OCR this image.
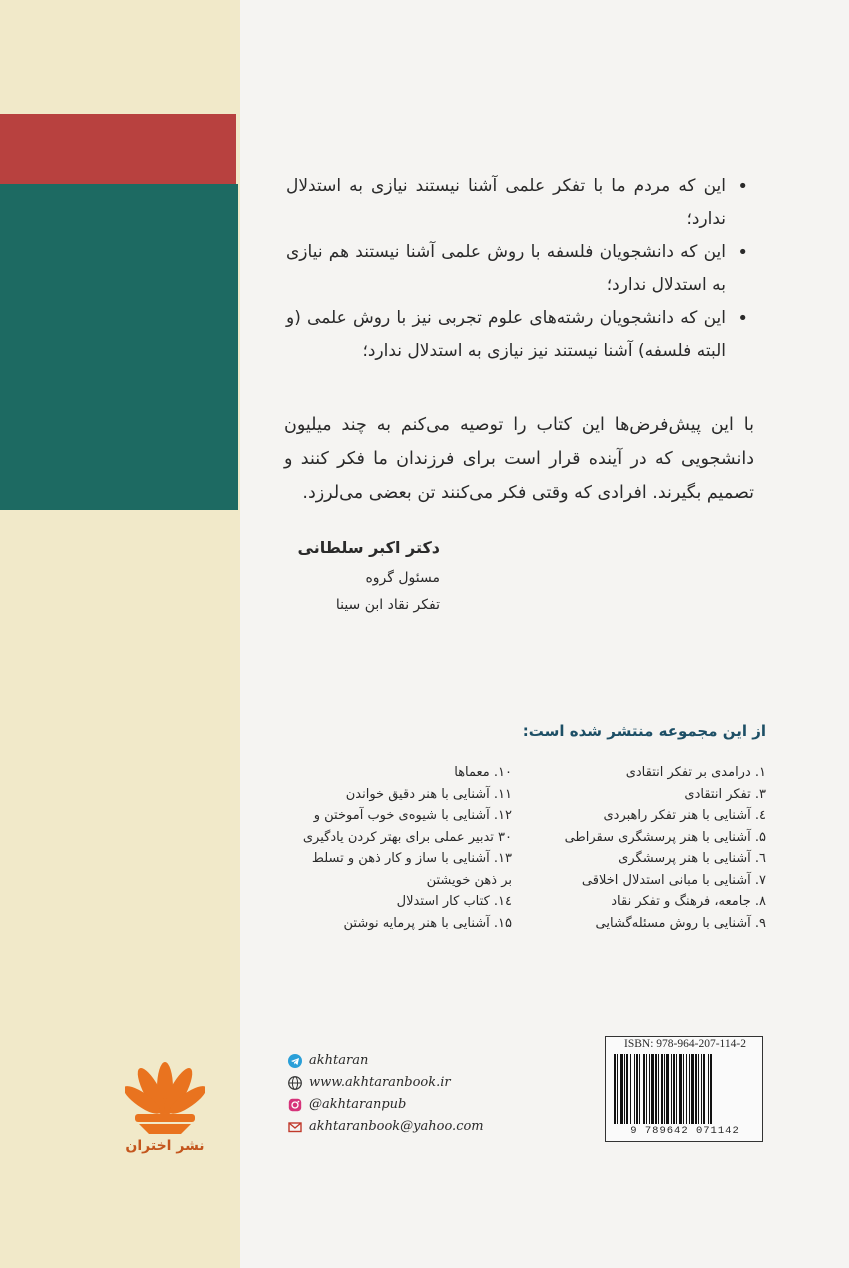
•
این که مردم ما با تفکر علمی آشنا نیستند نیازی به استدلال ندارد؛
•
این که دانشجویان فلسفه با روش علمی آشنا نیستند هم نیازی به استدلال ندارد؛
•
این که دانشجویان رشته‌های علوم تجربی نیز با روش علمی (و البته فلسفه) آشنا نیستند نیز نیازی به استدلال ندارد؛

با این پیش‌فرض‌ها این کتاب را توصیه می‌کنم به چند میلیون دانشجویی که در آینده قرار است برای فرزندان ما فکر کنند و تصمیم بگیرند. افرادی که وقتی فکر می‌کنند تن بعضی می‌لرزد.

دکتر اکبر سلطانی
مسئول گروه
تفکر نقاد ابن سینا
از این مجموعه منتشر شده است:
۱. درامدی بر تفکر انتقادی
۳. تفکر انتقادی
٤. آشنایی با هنر تفکر راهبردی
۵. آشنایی با هنر پرسشگری سقراطی
٦. آشنایی با هنر پرسشگری
۷. آشنایی با مبانی استدلال اخلاقی
۸. جامعه، فرهنگ و تفکر نقاد
۹. آشنایی با روش مسئله‌گشایی
۱۰. معماها
۱۱. آشنایی با هنر دقیق خواندن
۱۲. آشنایی با شیوه‌ی خوب آموختن و
۳۰ تدبیر عملی برای بهتر کردن یادگیری
۱۳. آشنایی با ساز و کار ذهن و تسلط
بر ذهن خویشتن
١٤. کتاب کار استدلال
۱۵. آشنایی با هنر پرمایه نوشتن
akhtaran
www.akhtaranbook.ir
@akhtaranpub
akhtaranbook@yahoo.com
ISBN: 978-964-207-114-2
9 789642 071142
نشر اختران
